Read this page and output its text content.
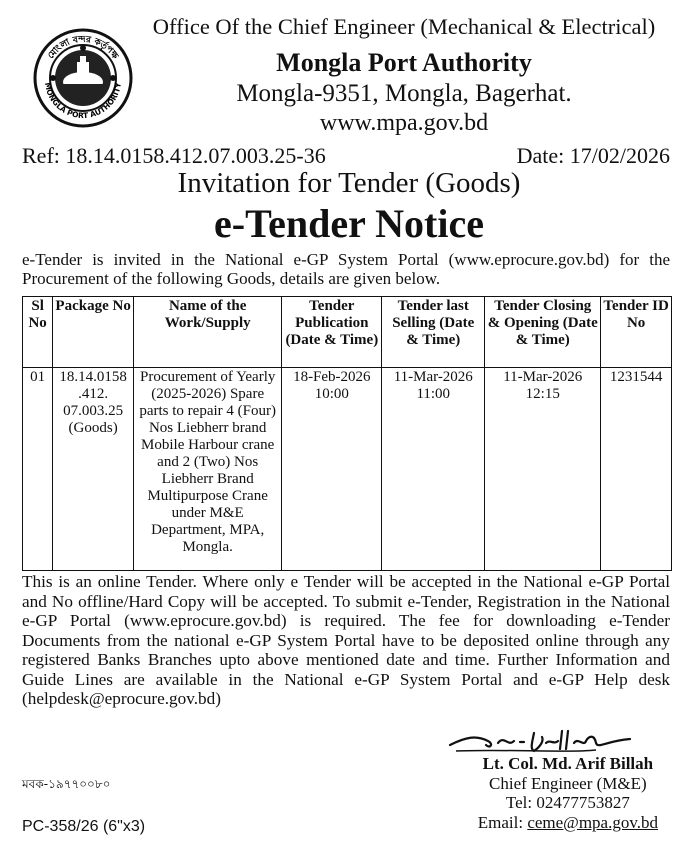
মোংলা বন্দর কর্তৃপক্ষ
MONGLA PORT AUTHORITY
Office Of the Chief Engineer (Mechanical & Electrical)
Mongla Port Authority
Mongla-9351, Mongla, Bagerhat.
www.mpa.gov.bd
Ref: 18.14.0158.412.07.003.25-36	Date: 17/02/2026
Invitation for Tender (Goods)
e-Tender Notice
e-Tender is invited in the National e-GP System Portal (www.eprocure.gov.bd) for the Procurement of the following Goods, details are given below.
Sl No	Package No	Name of the Work/Supply	Tender Publication (Date & Time)	Tender last Selling (Date & Time)	Tender Closing & Opening (Date & Time)	Tender ID No
01	18.14.0158 .412. 07.003.25 (Goods)	Procurement of Yearly (2025-2026) Spare parts to repair 4 (Four) Nos Liebherr brand Mobile Harbour crane and 2 (Two) Nos Liebherr Brand Multipurpose Crane under M&E Department, MPA, Mongla.	18-Feb-2026 10:00	11-Mar-2026 11:00	11-Mar-2026 12:15	1231544
This is an online Tender. Where only e Tender will be accepted in the National e-GP Portal and No offline/Hard Copy will be accepted. To submit e-Tender, Registration in the National e-GP Portal (www.eprocure.gov.bd) is required. The fee for downloading e-Tender Documents from the national e-GP System Portal have to be deposited online through any registered Banks Branches upto above mentioned date and time. Further Information and Guide Lines are available in the National e-GP System Portal and e-GP Help desk (helpdesk@eprocure.gov.bd)
Lt. Col. Md. Arif Billah
Chief Engineer (M&E)
Tel: 02477753827
Email: ceme@mpa.gov.bd
মবক-১৯৭৭০০৮০
PC-358/26 (6"x3)
